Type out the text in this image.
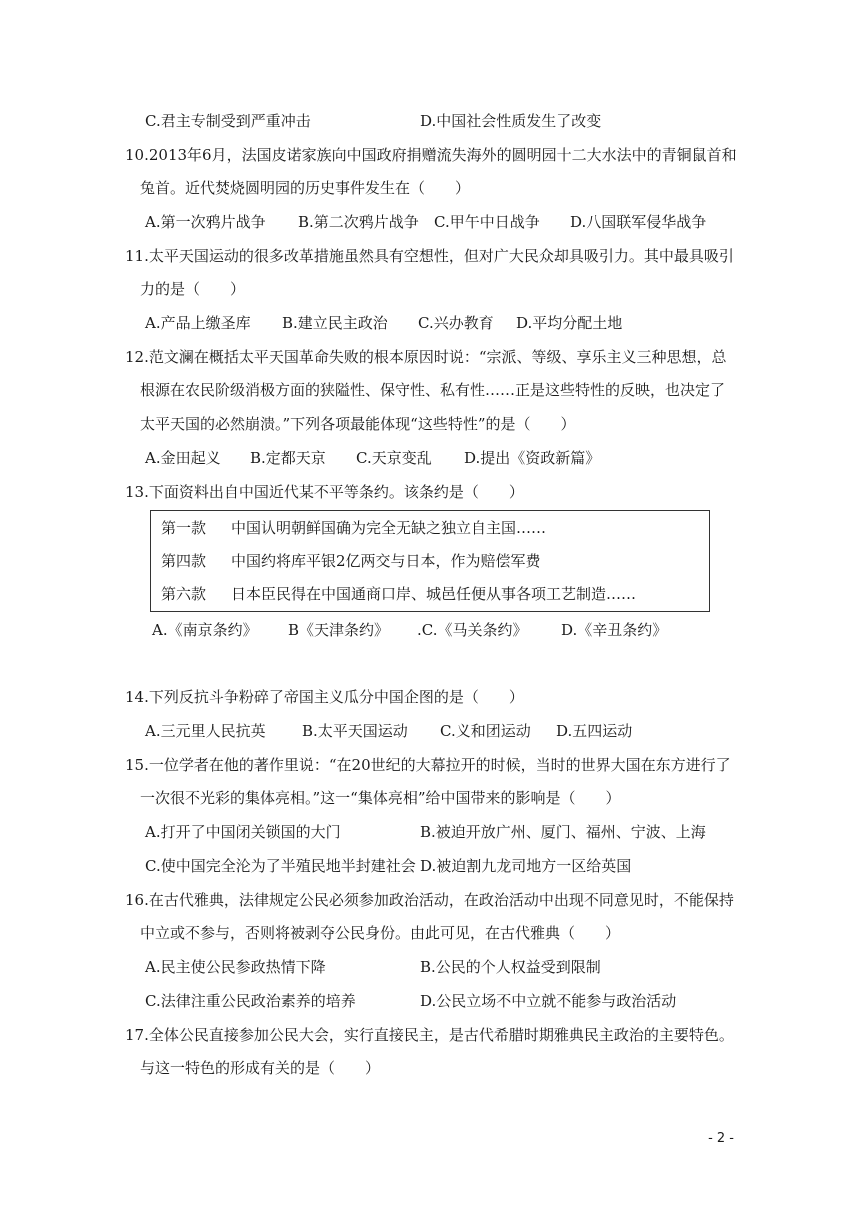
C.君主专制受到严重冲击	D.中国社会性质发生了改变
10.2013年6月，法国皮诺家族向中国政府捐赠流失海外的圆明园十二大水法中的青铜鼠首和
兔首。近代焚烧圆明园的历史事件发生在（　　）
A.第一次鸦片战争 B.第二次鸦片战争 C.甲午中日战争 D.八国联军侵华战争
11.太平天国运动的很多改革措施虽然具有空想性，但对广大民众却具吸引力。其中最具吸引
力的是（　　）
A.产品上缴圣库 B.建立民主政治 C.兴办教育 D.平均分配土地
12.范文澜在概括太平天国革命失败的根本原因时说：“宗派、等级、享乐主义三种思想，总
根源在农民阶级消极方面的狭隘性、保守性、私有性……正是这些特性的反映，也决定了
太平天国的必然崩溃。”下列各项最能体现“这些特性”的是（　　）
A.金田起义 B.定都天京 C.天京变乱 D.提出《资政新篇》
13.下面资料出自中国近代某不平等条约。该条约是（　　）
第一款 中国认明朝鲜国确为完全无缺之独立自主国……
第四款 中国约将库平银2亿两交与日本，作为赔偿军费
第六款 日本臣民得在中国通商口岸、城邑任便从事各项工艺制造……
A.《南京条约》 B《天津条约》 .C.《马关条约》 D.《辛丑条约》
14.下列反抗斗争粉碎了帝国主义瓜分中国企图的是（　　）
A.三元里人民抗英 B.太平天国运动 C.义和团运动 D.五四运动
15.一位学者在他的著作里说：“在20世纪的大幕拉开的时候，当时的世界大国在东方进行了
一次很不光彩的集体亮相。”这一“集体亮相”给中国带来的影响是（　　）
A.打开了中国闭关锁国的大门	B.被迫开放广州、厦门、福州、宁波、上海
C.使中国完全沦为了半殖民地半封建社会 D.被迫割九龙司地方一区给英国
16.在古代雅典，法律规定公民必须参加政治活动，在政治活动中出现不同意见时，不能保持
中立或不参与，否则将被剥夺公民身份。由此可见，在古代雅典（　　）
A.民主使公民参政热情下降	B.公民的个人权益受到限制
C.法律注重公民政治素养的培养	D.公民立场不中立就不能参与政治活动
17.全体公民直接参加公民大会，实行直接民主，是古代希腊时期雅典民主政治的主要特色。
与这一特色的形成有关的是（　　）
- 2 -
